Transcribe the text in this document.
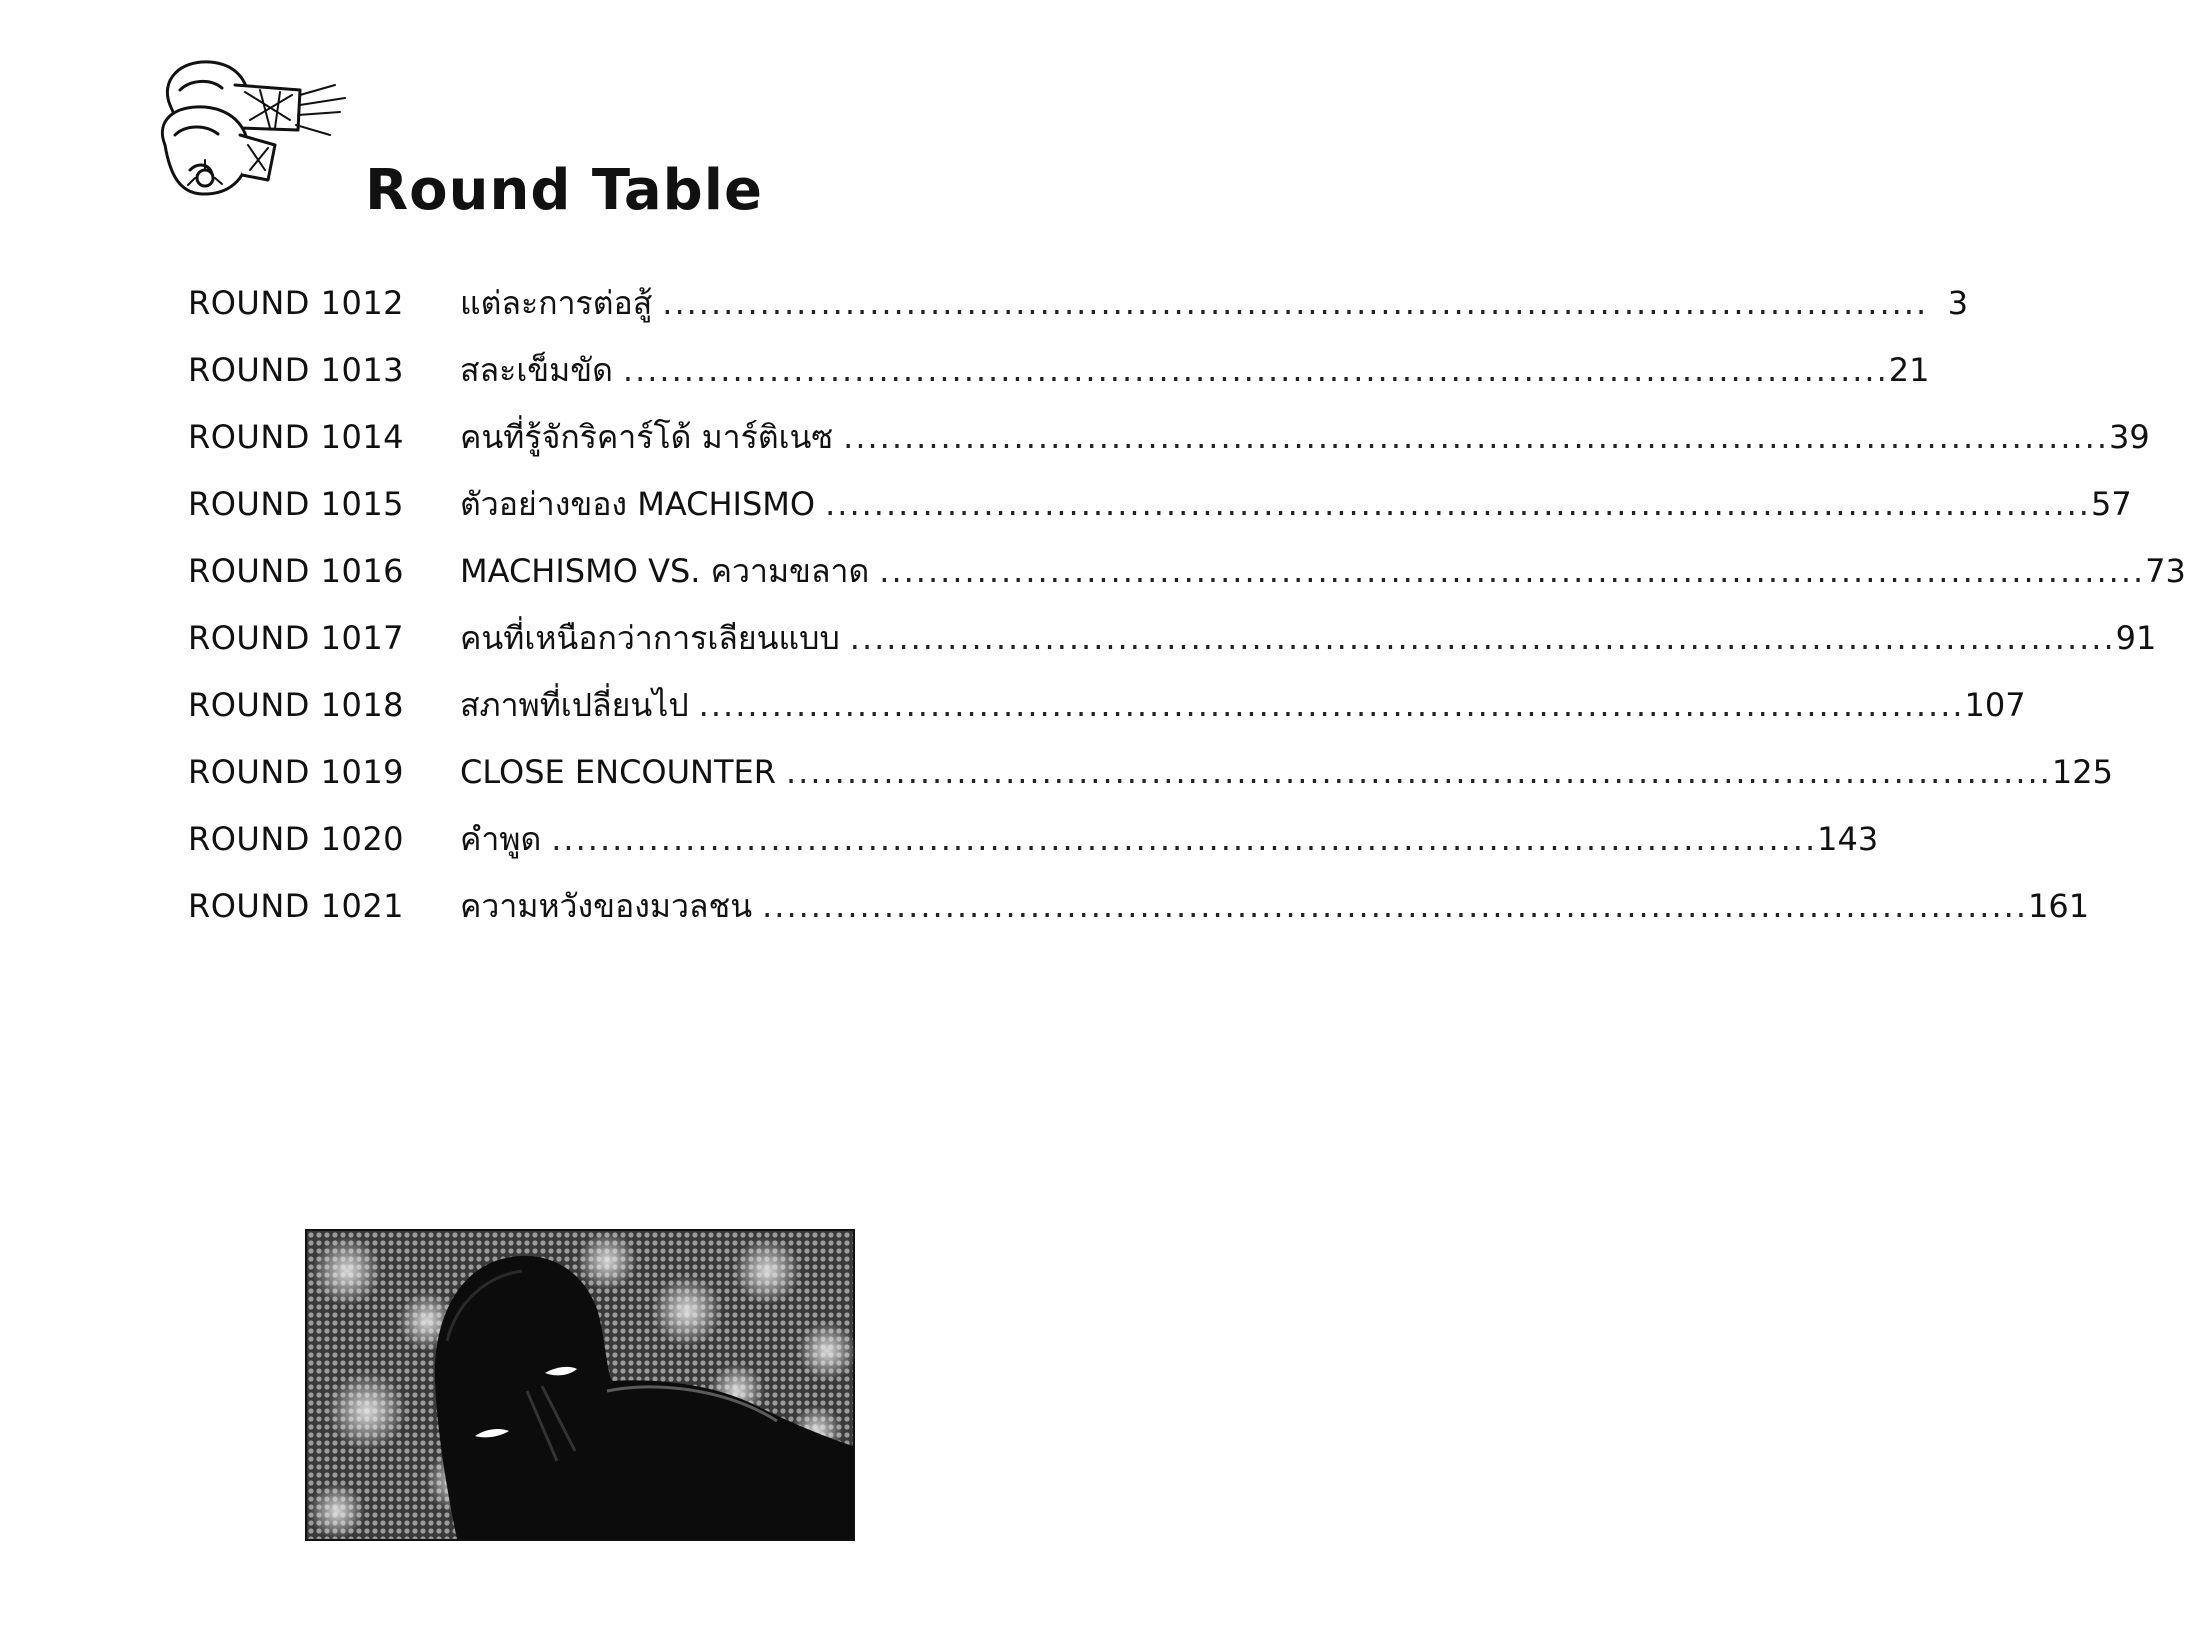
Round Table
ROUND 1012	แต่ละการต่อสู้ ........................................................................................................ 3
ROUND 1013	สละเข็มขัด ........................................................................................................ 21
ROUND 1014	คนที่รู้จักริคาร์โด้ มาร์ติเนซ ........................................................................................................ 39
ROUND 1015	ตัวอย่างของ MACHISMO ........................................................................................................ 57
ROUND 1016	MACHISMO VS. ความขลาด ........................................................................................................ 73
ROUND 1017	คนที่เหนือกว่าการเลียนแบบ ........................................................................................................ 91
ROUND 1018	สภาพที่เปลี่ยนไป ........................................................................................................ 107
ROUND 1019	CLOSE ENCOUNTER ........................................................................................................ 125
ROUND 1020	คำพูด ........................................................................................................ 143
ROUND 1021	ความหวังของมวลชน ........................................................................................................ 161
